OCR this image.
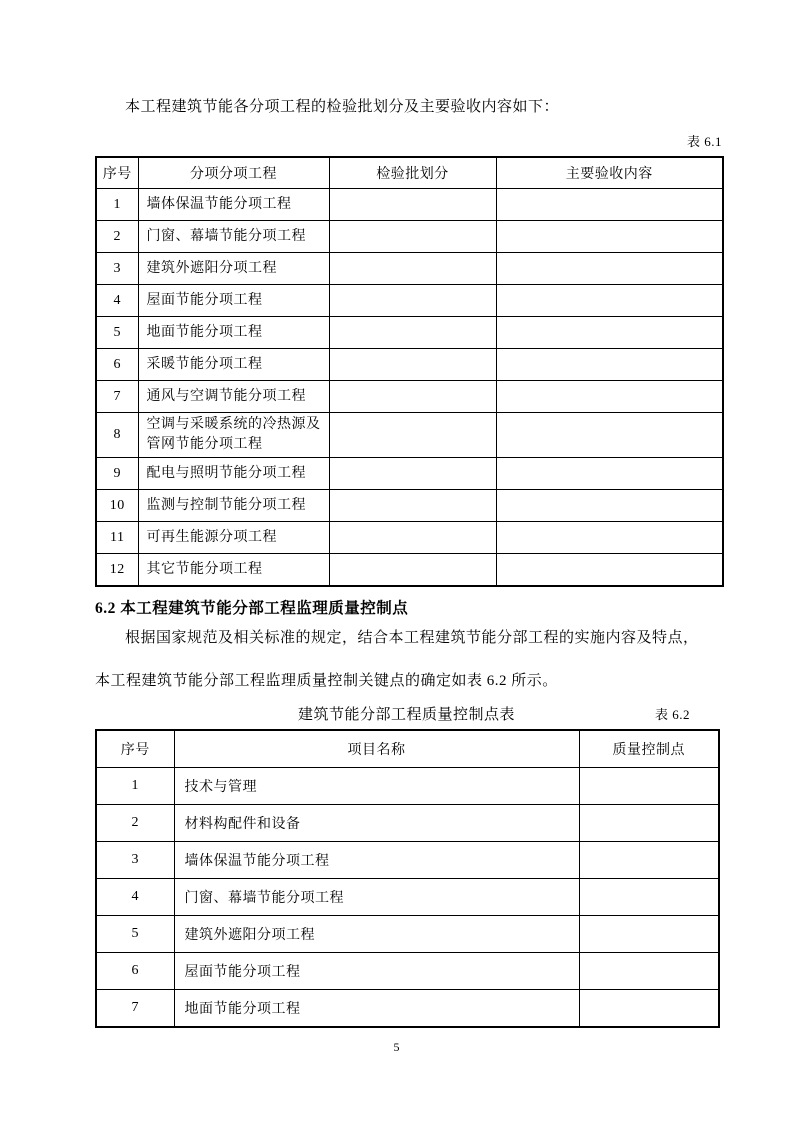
本工程建筑节能各分项工程的检验批划分及主要验收内容如下：
表 6.1
序号	分项分项工程	检验批划分	主要验收内容
1	墙体保温节能分项工程		
2	门窗、幕墙节能分项工程		
3	建筑外遮阳分项工程		
4	屋面节能分项工程		
5	地面节能分项工程		
6	采暖节能分项工程		
7	通风与空调节能分项工程		
8	空调与采暖系统的冷热源及管网节能分项工程		
9	配电与照明节能分项工程		
10	监测与控制节能分项工程		
11	可再生能源分项工程		
12	其它节能分项工程		
6.2 本工程建筑节能分部工程监理质量控制点
根据国家规范及相关标准的规定，结合本工程建筑节能分部工程的实施内容及特点，
本工程建筑节能分部工程监理质量控制关键点的确定如表 6.2 所示。
建筑节能分部工程质量控制点表	表 6.2
序号	项目名称	质量控制点
1	技术与管理	
2	材料构配件和设备	
3	墙体保温节能分项工程	
4	门窗、幕墙节能分项工程	
5	建筑外遮阳分项工程	
6	屋面节能分项工程	
7	地面节能分项工程	
5
